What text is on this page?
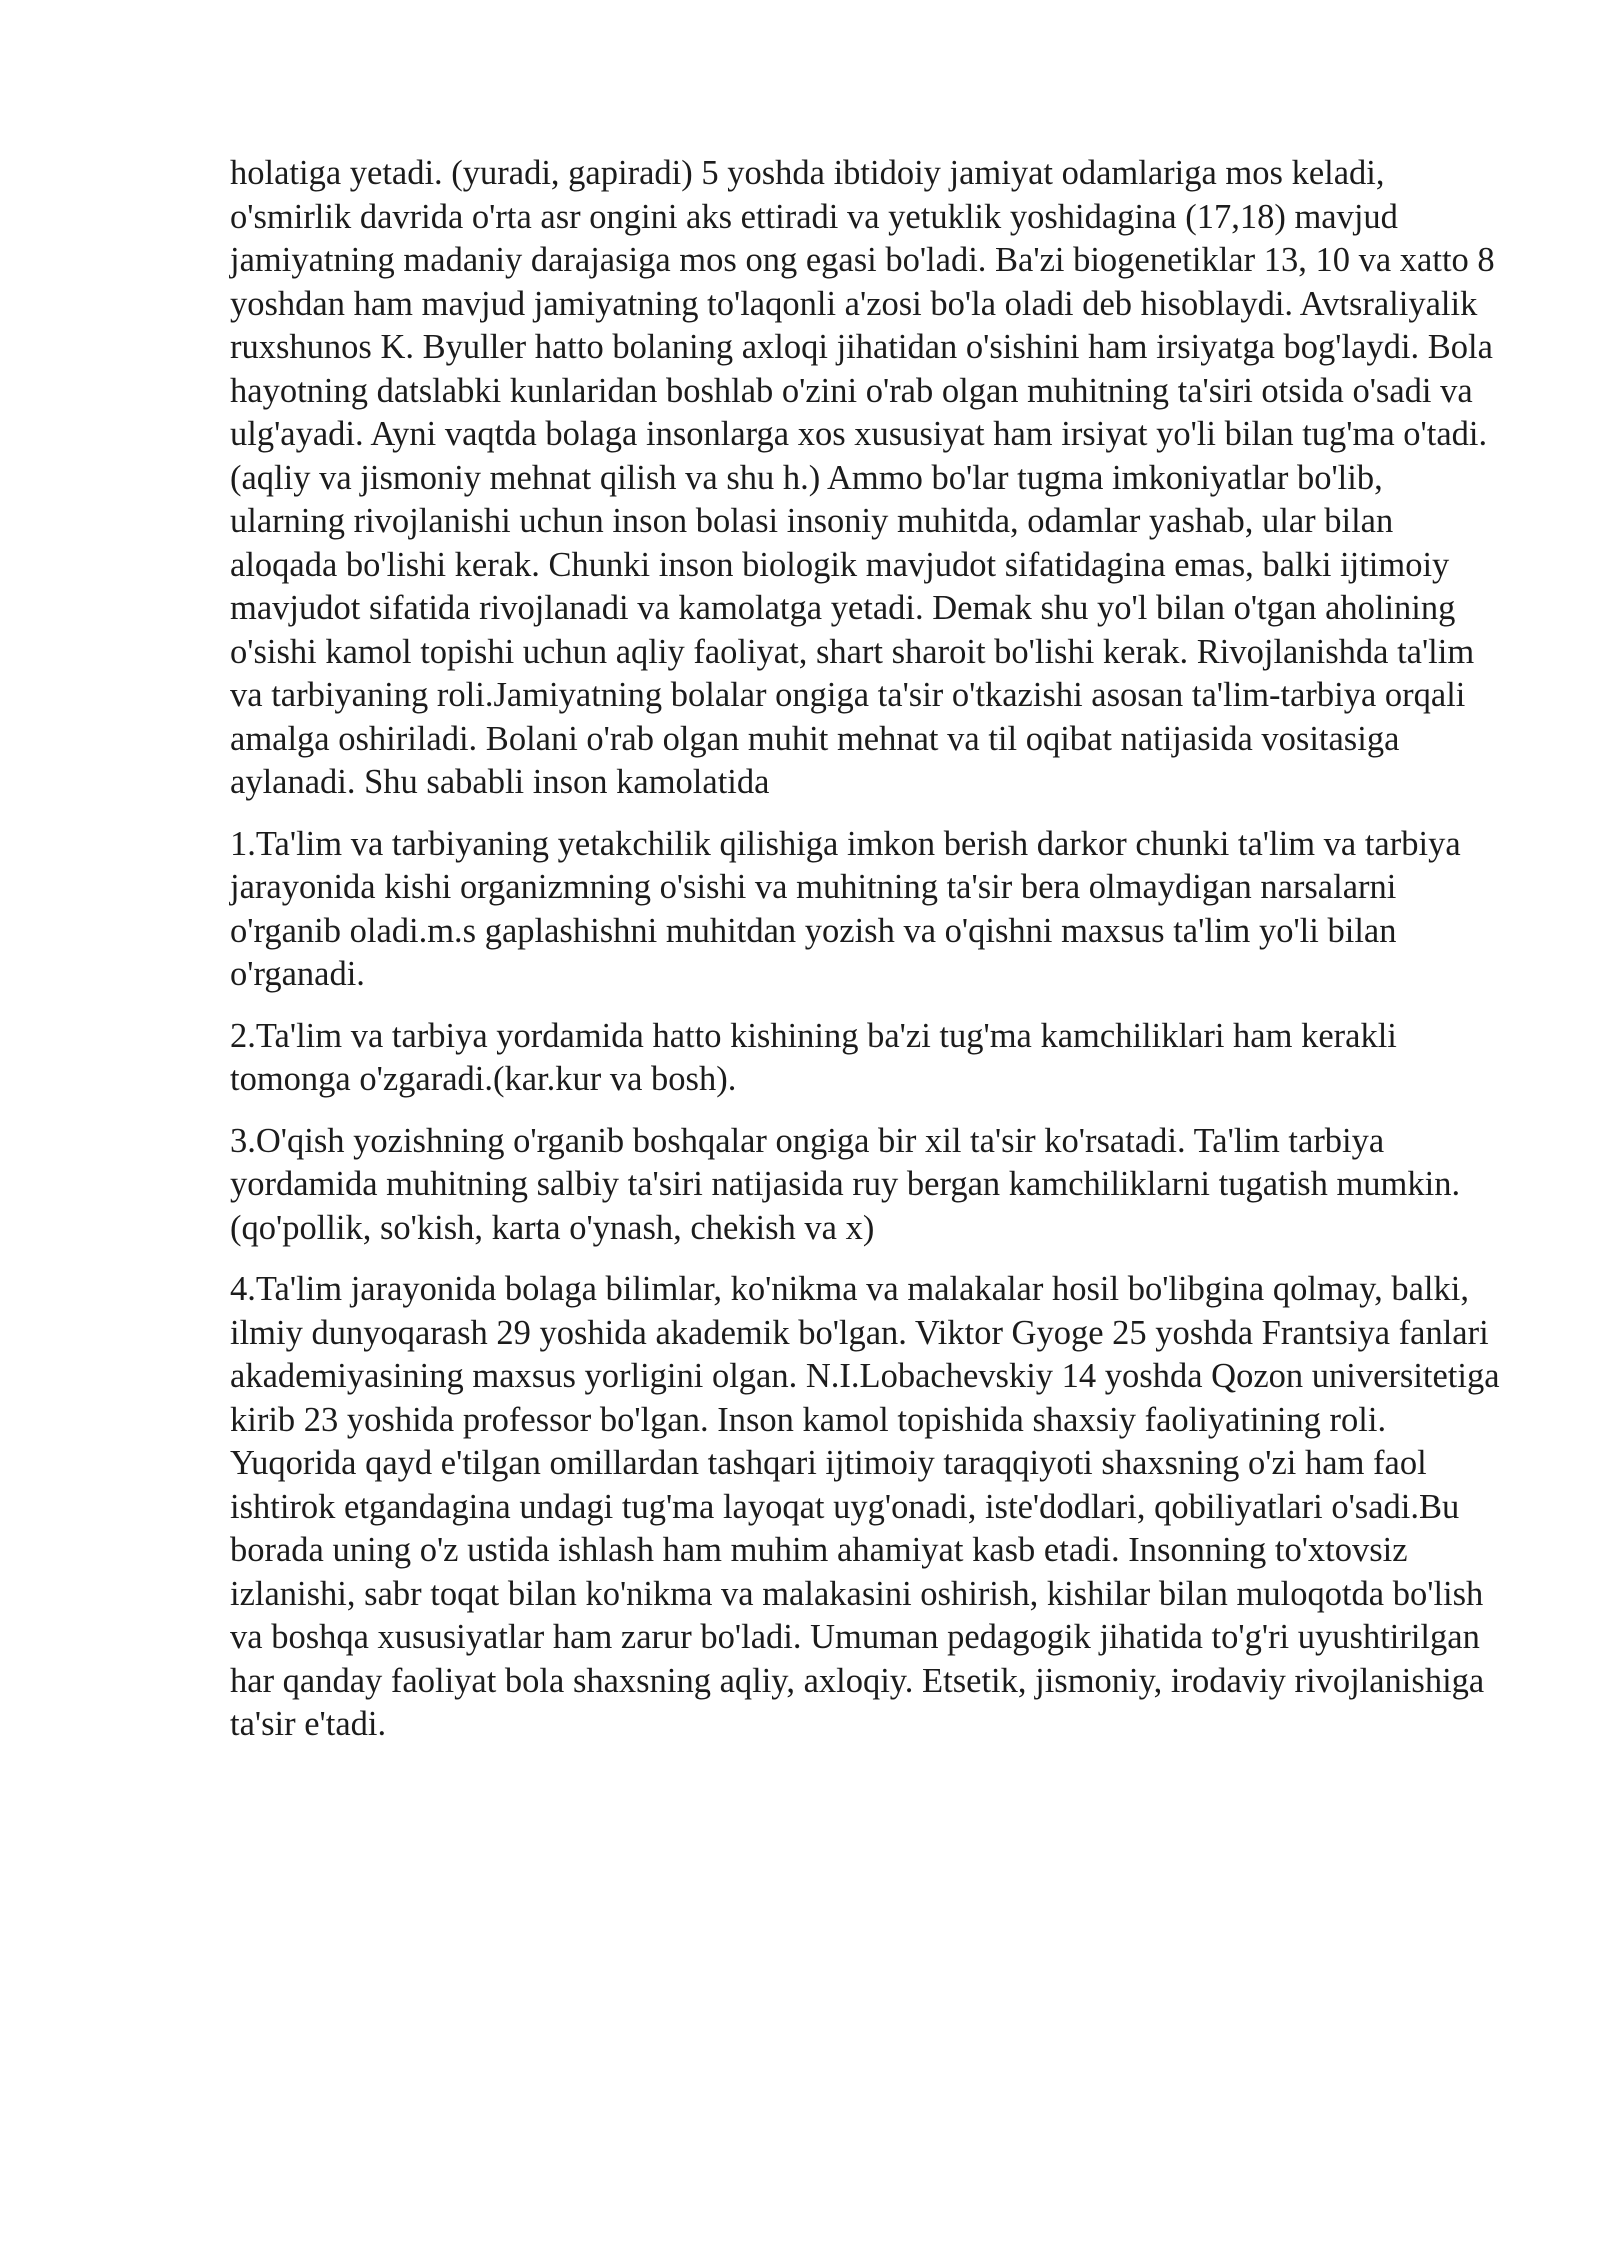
holatiga yetadi. (yuradi, gapiradi) 5 yoshda ibtidoiy jamiyat odamlariga mos keladi, o'smirlik davrida o'rta asr ongini aks ettiradi va yetuklik yoshidagina (17,18) mavjud jamiyatning madaniy darajasiga mos ong egasi bo'ladi. Ba'zi biogenetiklar 13, 10 va xatto 8 yoshdan ham mavjud jamiyatning to'laqonli a'zosi bo'la oladi deb hisoblaydi. Avtsraliyalik ruxshunos K. Byuller hatto bolaning axloqi jihatidan o'sishini ham irsiyatga bog'laydi. Bola hayotning datslabki kunlaridan boshlab o'zini o'rab olgan muhitning ta'siri otsida o'sadi va ulg'ayadi. Ayni vaqtda bolaga insonlarga xos xususiyat ham irsiyat yo'li bilan tug'ma o'tadi. (aqliy va jismoniy mehnat qilish va shu h.) Ammo bo'lar tugma imkoniyatlar bo'lib, ularning rivojlanishi uchun inson bolasi insoniy muhitda, odamlar yashab, ular bilan aloqada bo'lishi kerak. Chunki inson biologik mavjudot sifatidagina emas, balki ijtimoiy mavjudot sifatida rivojlanadi va kamolatga yetadi. Demak shu yo'l bilan o'tgan aholining o'sishi kamol topishi uchun aqliy faoliyat, shart sharoit bo'lishi kerak. Rivojlanishda ta'lim va tarbiyaning roli.Jamiyatning bolalar ongiga ta'sir o'tkazishi asosan ta'lim-tarbiya orqali amalga oshiriladi. Bolani o'rab olgan muhit mehnat va til oqibat natijasida vositasiga aylanadi. Shu sababli inson kamolatida

1.Ta'lim va tarbiyaning yetakchilik qilishiga imkon berish darkor chunki ta'lim va tarbiya jarayonida kishi organizmning o'sishi va muhitning ta'sir bera olmaydigan narsalarni o'rganib oladi.m.s gaplashishni muhitdan yozish va o'qishni maxsus ta'lim yo'li bilan o'rganadi.

2.Ta'lim va tarbiya yordamida hatto kishining ba'zi tug'ma kamchiliklari ham kerakli tomonga o'zgaradi.(kar.kur va bosh).

3.O'qish yozishning o'rganib boshqalar ongiga bir xil ta'sir ko'rsatadi. Ta'lim tarbiya yordamida muhitning salbiy ta'siri natijasida ruy bergan kamchiliklarni tugatish mumkin.(qo'pollik, so'kish, karta o'ynash, chekish va x)

4.Ta'lim jarayonida bolaga bilimlar, ko'nikma va malakalar hosil bo'libgina qolmay, balki, ilmiy dunyoqarash 29 yoshida akademik bo'lgan. Viktor Gyoge 25 yoshda Frantsiya fanlari akademiyasining maxsus yorligini olgan. N.I.Lobachevskiy 14 yoshda Qozon universitetiga kirib 23 yoshida professor bo'lgan. Inson kamol topishida shaxsiy faoliyatining roli. Yuqorida qayd e'tilgan omillardan tashqari ijtimoiy taraqqiyoti shaxsning o'zi ham faol ishtirok etgandagina undagi tug'ma layoqat uyg'onadi, iste'dodlari, qobiliyatlari o'sadi.Bu borada uning o'z ustida ishlash ham muhim ahamiyat kasb etadi. Insonning to'xtovsiz izlanishi, sabr toqat bilan ko'nikma va malakasini oshirish, kishilar bilan muloqotda bo'lish va boshqa xususiyatlar ham zarur bo'ladi. Umuman pedagogik jihatida to'g'ri uyushtirilgan har qanday faoliyat bola shaxsning aqliy, axloqiy. Etsetik, jismoniy, irodaviy rivojlanishiga ta'sir e'tadi.
